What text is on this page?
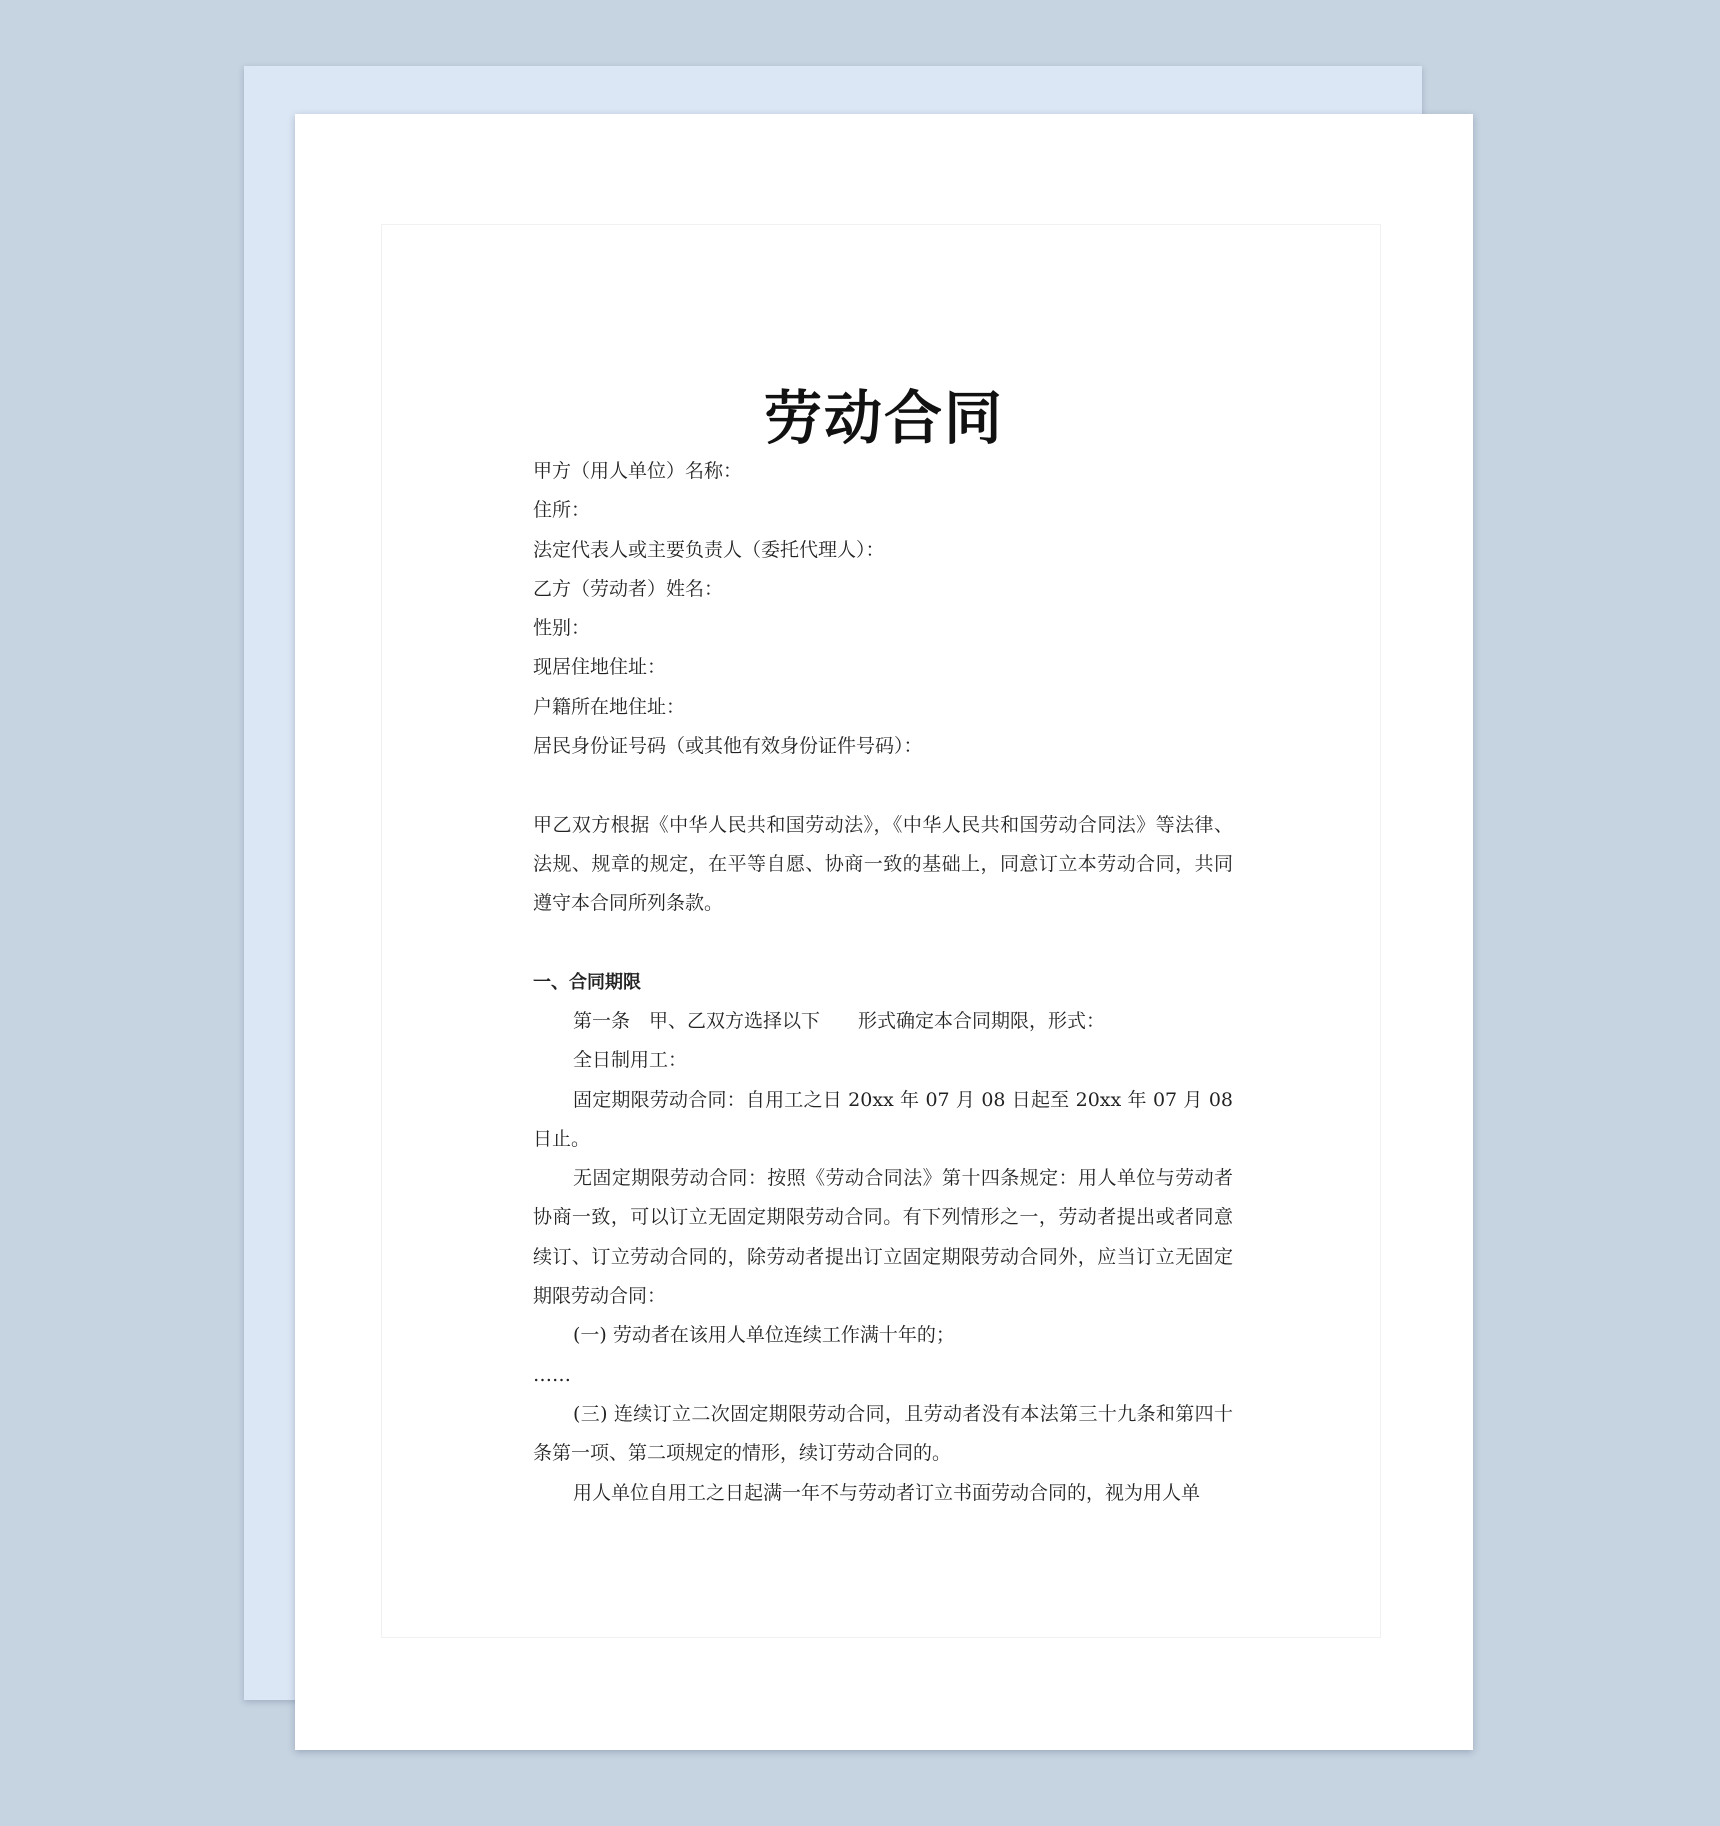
劳动合同
甲方（用人单位）名称：
住所：
法定代表人或主要负责人（委托代理人）：
乙方（劳动者）姓名：
性别：
现居住地住址：
户籍所在地住址：
居民身份证号码（或其他有效身份证件号码）：

甲乙双方根据《中华人民共和国劳动法》，《中华人民共和国劳动合同法》等法律、法规、规章的规定，在平等自愿、协商一致的基础上，同意订立本劳动合同，共同遵守本合同所列条款。

一、合同期限

第一条　甲、乙双方选择以下　　形式确定本合同期限，形式：

全日制用工：

固定期限劳动合同：自用工之日 20xx 年 07 月 08 日起至 20xx 年 07 月 08 日止。

无固定期限劳动合同：按照《劳动合同法》第十四条规定：用人单位与劳动者协商一致，可以订立无固定期限劳动合同。有下列情形之一，劳动者提出或者同意续订、订立劳动合同的，除劳动者提出订立固定期限劳动合同外，应当订立无固定期限劳动合同：

(一) 劳动者在该用人单位连续工作满十年的；

……

(三) 连续订立二次固定期限劳动合同，且劳动者没有本法第三十九条和第四十条第一项、第二项规定的情形，续订劳动合同的。

用人单位自用工之日起满一年不与劳动者订立书面劳动合同的，视为用人单
